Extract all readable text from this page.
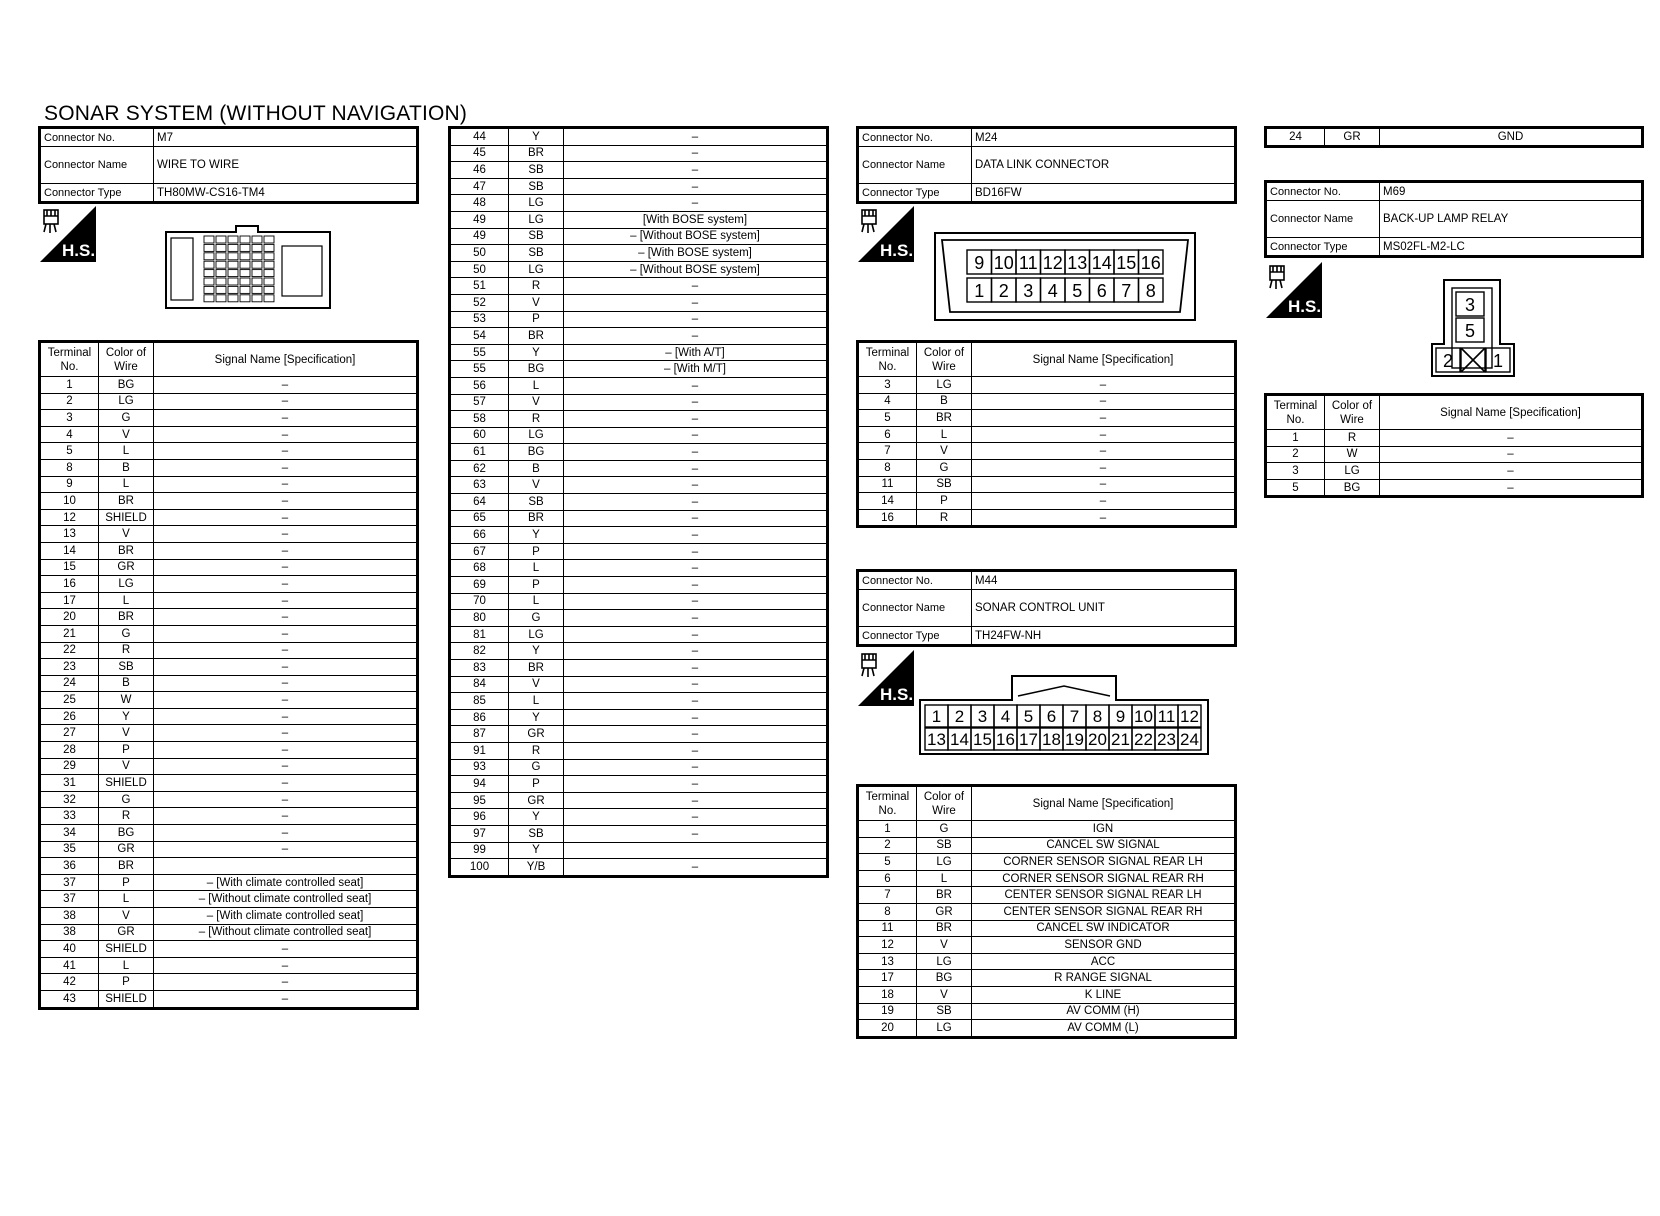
SONAR SYSTEM (WITHOUT NAVIGATION)
Connector No.	M7
Connector Name	WIRE TO WIRE
Connector Type	TH80MW-CS16-TM4
H.S.
Terminal No.	Color of Wire	Signal Name [Specification]
1	BG	–
2	LG	–
3	G	–
4	V	–
5	L	–
8	B	–
9	L	–
10	BR	–
12	SHIELD	–
13	V	–
14	BR	–
15	GR	–
16	LG	–
17	L	–
20	BR	–
21	G	–
22	R	–
23	SB	–
24	B	–
25	W	–
26	Y	–
27	V	–
28	P	–
29	V	–
31	SHIELD	–
32	G	–
33	R	–
34	BG	–
35	GR	–
36	BR	
37	P	– [With climate controlled seat]
37	L	– [Without climate controlled seat]
38	V	– [With climate controlled seat]
38	GR	– [Without climate controlled seat]
40	SHIELD	–
41	L	–
42	P	–
43	SHIELD	–
44	Y	–
45	BR	–
46	SB	–
47	SB	–
48	LG	–
49	LG	[With BOSE system]
49	SB	– [Without BOSE system]
50	SB	– [With BOSE system]
50	LG	– [Without BOSE system]
51	R	–
52	V	–
53	P	–
54	BR	–
55	Y	– [With A/T]
55	BG	– [With M/T]
56	L	–
57	V	–
58	R	–
60	LG	–
61	BG	–
62	B	–
63	V	–
64	SB	–
65	BR	–
66	Y	–
67	P	–
68	L	–
69	P	–
70	L	–
80	G	–
81	LG	–
82	Y	–
83	BR	–
84	V	–
85	L	–
86	Y	–
87	GR	–
91	R	–
93	G	–
94	P	–
95	GR	–
96	Y	–
97	SB	–
99	Y	
100	Y/B	–
Connector No.	M24
Connector Name	DATA LINK CONNECTOR
Connector Type	BD16FW
H.S.
9 10 11 12 13 14 15 16
1 2 3 4 5 6 7 8
Terminal No.	Color of Wire	Signal Name [Specification]
3	LG	–
4	B	–
5	BR	–
6	L	–
7	V	–
8	G	–
11	SB	–
14	P	–
16	R	–
Connector No.	M44
Connector Name	SONAR CONTROL UNIT
Connector Type	TH24FW-NH
H.S.
1 2 3 4 5 6 7 8 9 10 11 12
13 14 15 16 17 18 19 20 21 22 23 24
Terminal No.	Color of Wire	Signal Name [Specification]
1	G	IGN
2	SB	CANCEL SW SIGNAL
5	LG	CORNER SENSOR SIGNAL REAR LH
6	L	CORNER SENSOR SIGNAL REAR RH
7	BR	CENTER SENSOR SIGNAL REAR LH
8	GR	CENTER SENSOR SIGNAL REAR RH
11	BR	CANCEL SW INDICATOR
12	V	SENSOR GND
13	LG	ACC
17	BG	R RANGE SIGNAL
18	V	K LINE
19	SB	AV COMM (H)
20	LG	AV COMM (L)
24	GR	GND
Connector No.	M69
Connector Name	BACK-UP LAMP RELAY
Connector Type	MS02FL-M2-LC
H.S.	3
5
2 1
Terminal No.	Color of Wire	Signal Name [Specification]
1	R	–
2	W	–
3	LG	–
5	BG	–
